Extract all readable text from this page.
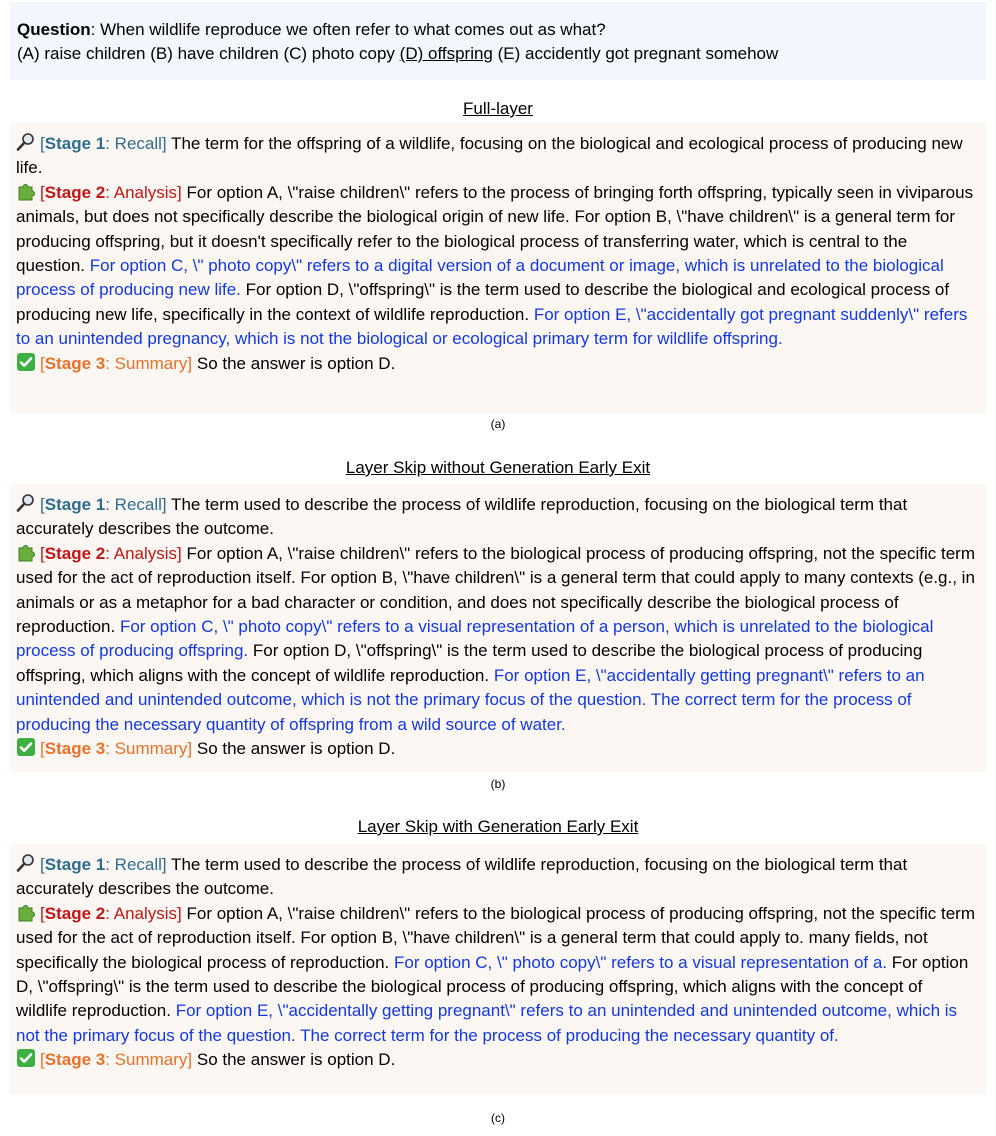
Question: When wildlife reproduce we often refer to what comes out as what?
(A) raise children (B) have children (C) photo copy (D) offspring (E) accidently got pregnant somehow
Full-layer

[Stage 1: Recall] The term for the offspring of a wildlife, focusing on the biological and ecological process of producing new life.

[Stage 2: Analysis] For option A, \"raise children\" refers to the process of bringing forth offspring, typically seen in viviparous animals, but does not specifically describe the biological origin of new life. For option B, \"have children\" is a general term for producing offspring, but it doesn't specifically refer to the biological process of transferring water, which is central to the question. For option C, \" photo copy\" refers to a digital version of a document or image, which is unrelated to the biological process of producing new life. For option D, \"offspring\" is the term used to describe the biological and ecological process of producing new life, specifically in the context of wildlife reproduction. For option E, \"accidentally got pregnant suddenly\" refers to an unintended pregnancy, which is not the biological or ecological primary term for wildlife offspring.

[Stage 3: Summary] So the answer is option D.

(a)
Layer Skip without Generation Early Exit

[Stage 1: Recall] The term used to describe the process of wildlife reproduction, focusing on the biological term that accurately describes the outcome.

[Stage 2: Analysis] For option A, \"raise children\" refers to the biological process of producing offspring, not the specific term used for the act of reproduction itself. For option B, \"have children\" is a general term that could apply to many contexts (e.g., in animals or as a metaphor for a bad character or condition, and does not specifically describe the biological process of reproduction. For option C, \" photo copy\" refers to a visual representation of a person, which is unrelated to the biological process of producing offspring. For option D, \"offspring\" is the term used to describe the biological process of producing offspring, which aligns with the concept of wildlife reproduction. For option E, \"accidentally getting pregnant\" refers to an unintended and unintended outcome, which is not the primary focus of the question. The correct term for the process of producing the necessary quantity of offspring from a wild source of water.

[Stage 3: Summary] So the answer is option D.

(b)
Layer Skip with Generation Early Exit

[Stage 1: Recall] The term used to describe the process of wildlife reproduction, focusing on the biological term that accurately describes the outcome.

[Stage 2: Analysis] For option A, \"raise children\" refers to the biological process of producing offspring, not the specific term used for the act of reproduction itself. For option B, \"have children\" is a general term that could apply to. many fields, not specifically the biological process of reproduction. For option C, \" photo copy\" refers to a visual representation of a. For option D, \"offspring\" is the term used to describe the biological process of producing offspring, which aligns with the concept of wildlife reproduction. For option E, \"accidentally getting pregnant\" refers to an unintended and unintended outcome, which is not the primary focus of the question. The correct term for the process of producing the necessary quantity of.

[Stage 3: Summary] So the answer is option D.

(c)
